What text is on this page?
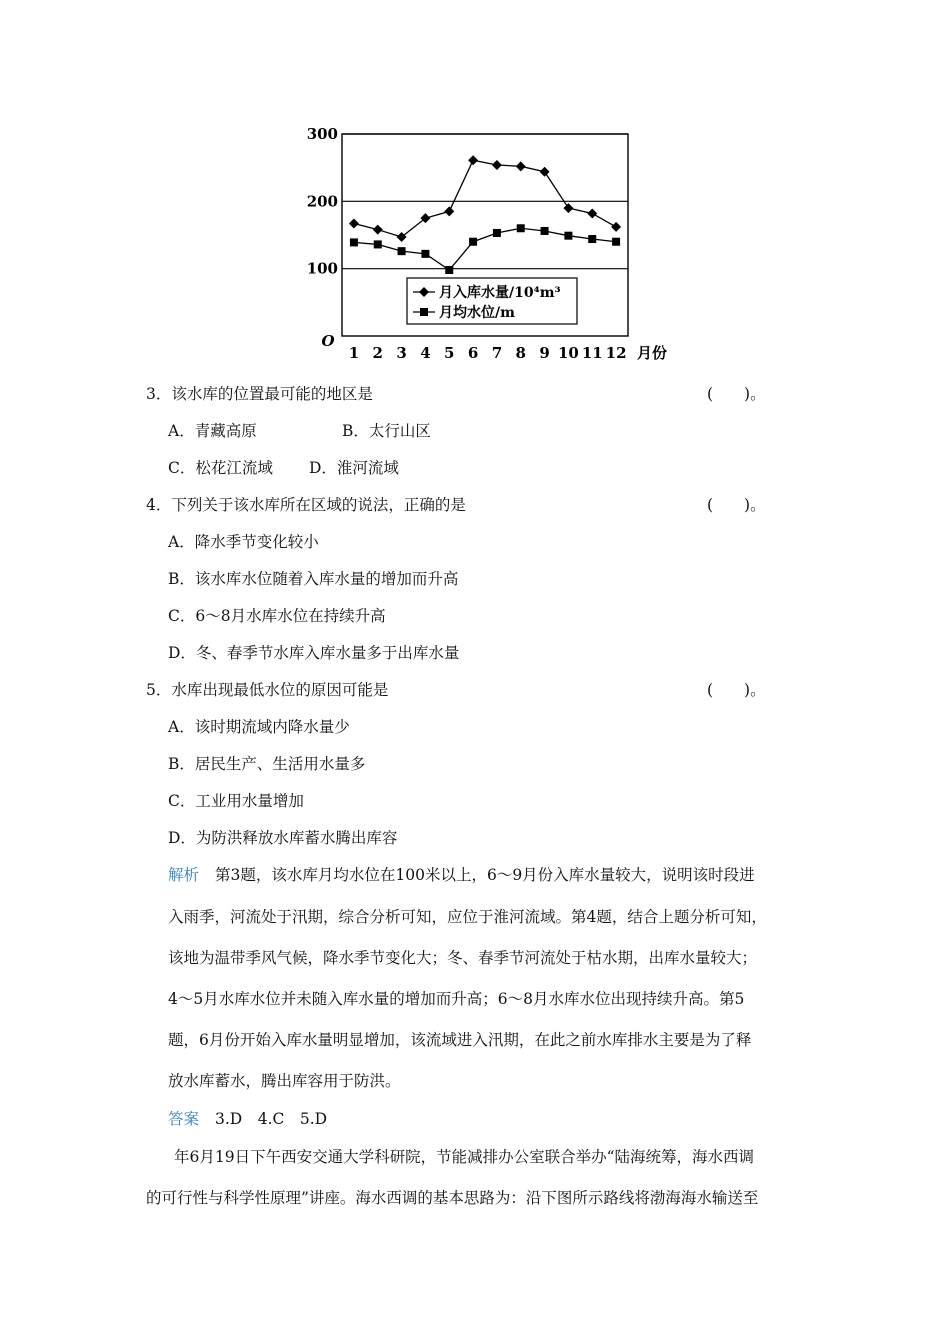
100
200
300
O
1 2 3 4 5 6 7 8 9 10 11 12 月份
月入库水量/10⁴m³
月均水位/m
3．该水库的位置最可能的地区是	(　　)。
A．青藏高原	B．太行山区
C．松花江流域 D．淮河流域
4．下列关于该水库所在区域的说法，正确的是	(　　)。
A．降水季节变化较小
B．该水库水位随着入库水量的增加而升高
C．6～8月水库水位在持续升高
D．冬、春季节水库入库水量多于出库水量
5．水库出现最低水位的原因可能是	(　　)。
A．该时期流域内降水量少
B．居民生产、生活用水量多
C．工业用水量增加
D．为防洪释放水库蓄水腾出库容
解析 第3题，该水库月均水位在100米以上，6～9月份入库水量较大，说明该时段进
入雨季，河流处于汛期，综合分析可知，应位于淮河流域。第4题，结合上题分析可知，
该地为温带季风气候，降水季节变化大；冬、春季节河流处于枯水期，出库水量较大；
4～5月水库水位并未随入库水量的增加而升高；6～8月水库水位出现持续升高。第5
题，6月份开始入库水量明显增加，该流域进入汛期，在此之前水库排水主要是为了释
放水库蓄水，腾出库容用于防洪。
答案 3.D　4.C　5.D
年6月19日下午西安交通大学科研院，节能减排办公室联合举办“陆海统筹，海水西调
的可行性与科学性原理”讲座。海水西调的基本思路为：沿下图所示路线将渤海海水输送至
